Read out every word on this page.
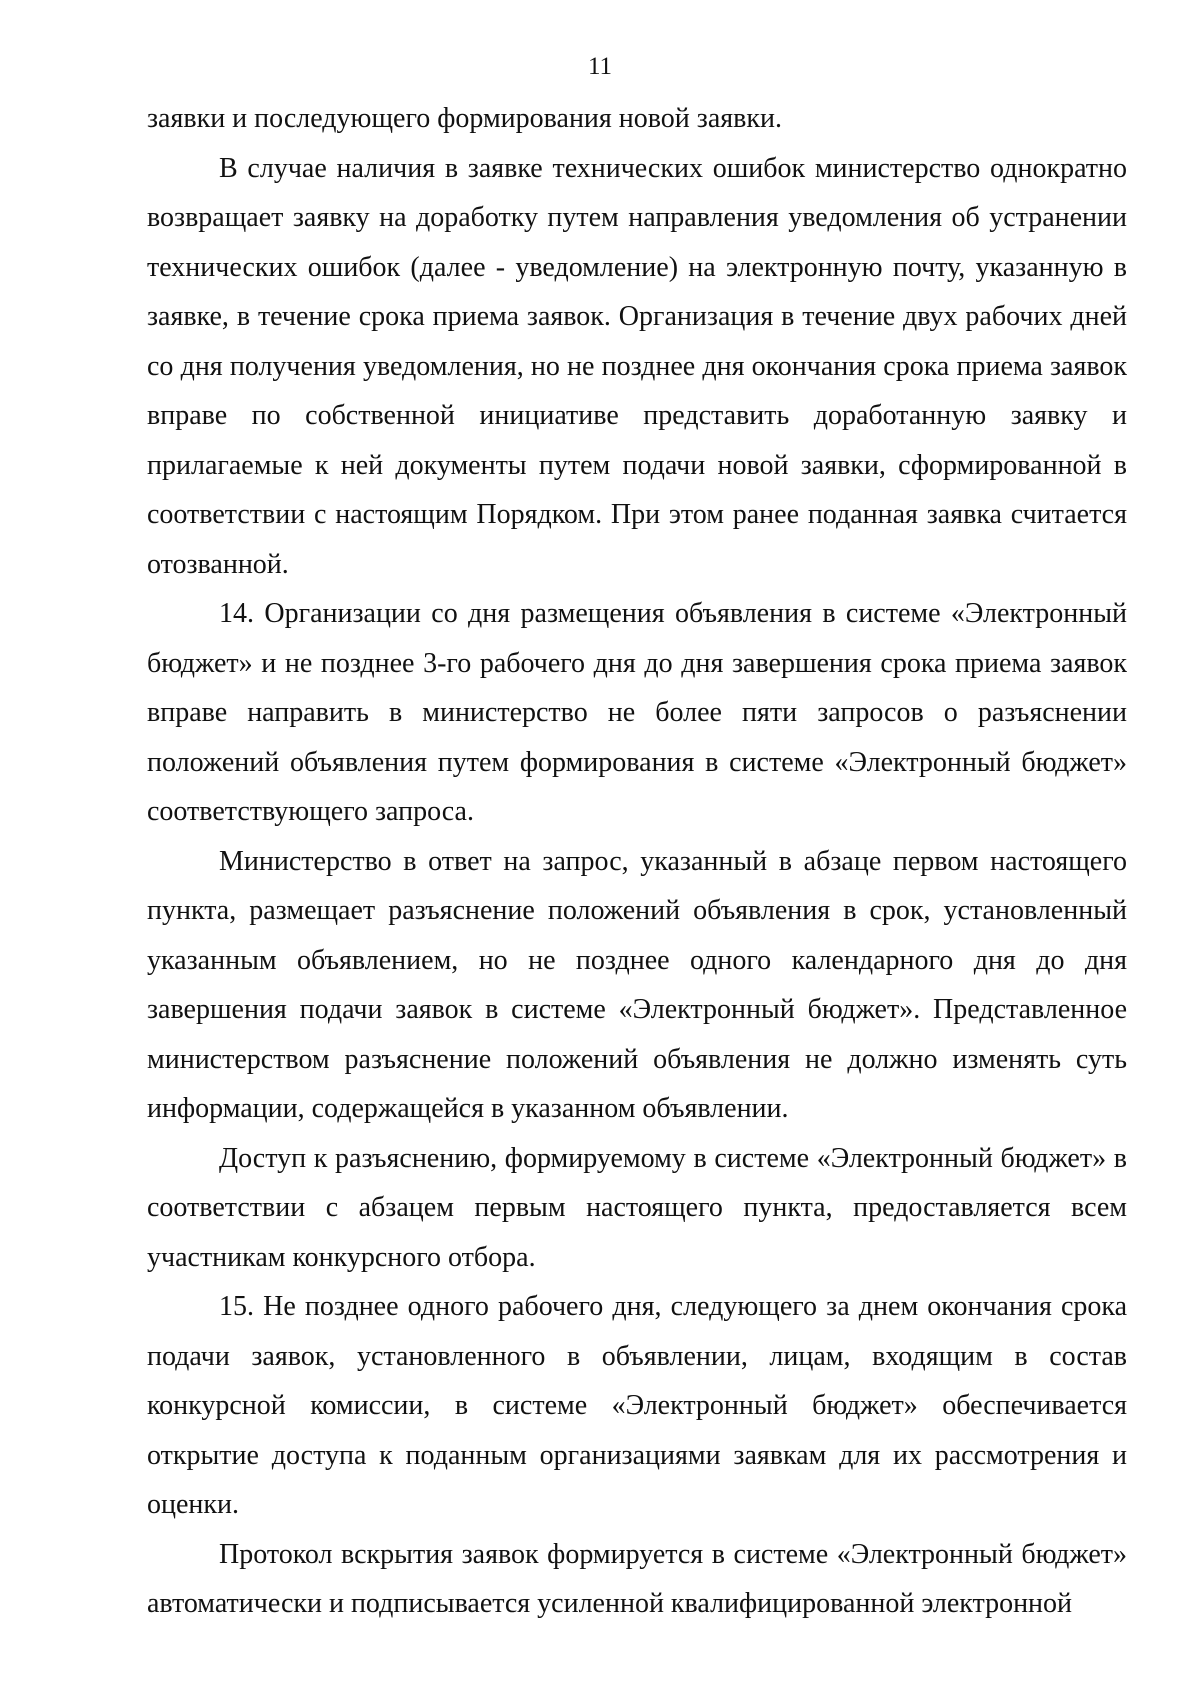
11

заявки и последующего формирования новой заявки.

В случае наличия в заявке технических ошибок министерство однократно возвращает заявку на доработку путем направления уведомления об устранении технических ошибок (далее - уведомление) на электронную почту, указанную в заявке, в течение срока приема заявок. Организация в течение двух рабочих дней со дня получения уведомления, но не позднее дня окончания срока приема заявок вправе по собственной инициативе представить доработанную заявку и прилагаемые к ней документы путем подачи новой заявки, сформированной в соответствии с настоящим Порядком. При этом ранее поданная заявка считается отозванной.

14. Организации со дня размещения объявления в системе «Электронный бюджет» и не позднее 3-го рабочего дня до дня завершения срока приема заявок вправе направить в министерство не более пяти запросов о разъяснении положений объявления путем формирования в системе «Электронный бюджет» соответствующего запроса.

Министерство в ответ на запрос, указанный в абзаце первом настоящего пункта, размещает разъяснение положений объявления в срок, установленный указанным объявлением, но не позднее одного календарного дня до дня завершения подачи заявок в системе «Электронный бюджет». Представленное министерством разъяснение положений объявления не должно изменять суть информации, содержащейся в указанном объявлении.

Доступ к разъяснению, формируемому в системе «Электронный бюджет» в соответствии с абзацем первым настоящего пункта, предоставляется всем участникам конкурсного отбора.

15. Не позднее одного рабочего дня, следующего за днем окончания срока подачи заявок, установленного в объявлении, лицам, входящим в состав конкурсной комиссии, в системе «Электронный бюджет» обеспечивается открытие доступа к поданным организациями заявкам для их рассмотрения и оценки.

Протокол вскрытия заявок формируется в системе «Электронный бюджет» автоматически и подписывается усиленной квалифицированной электронной
